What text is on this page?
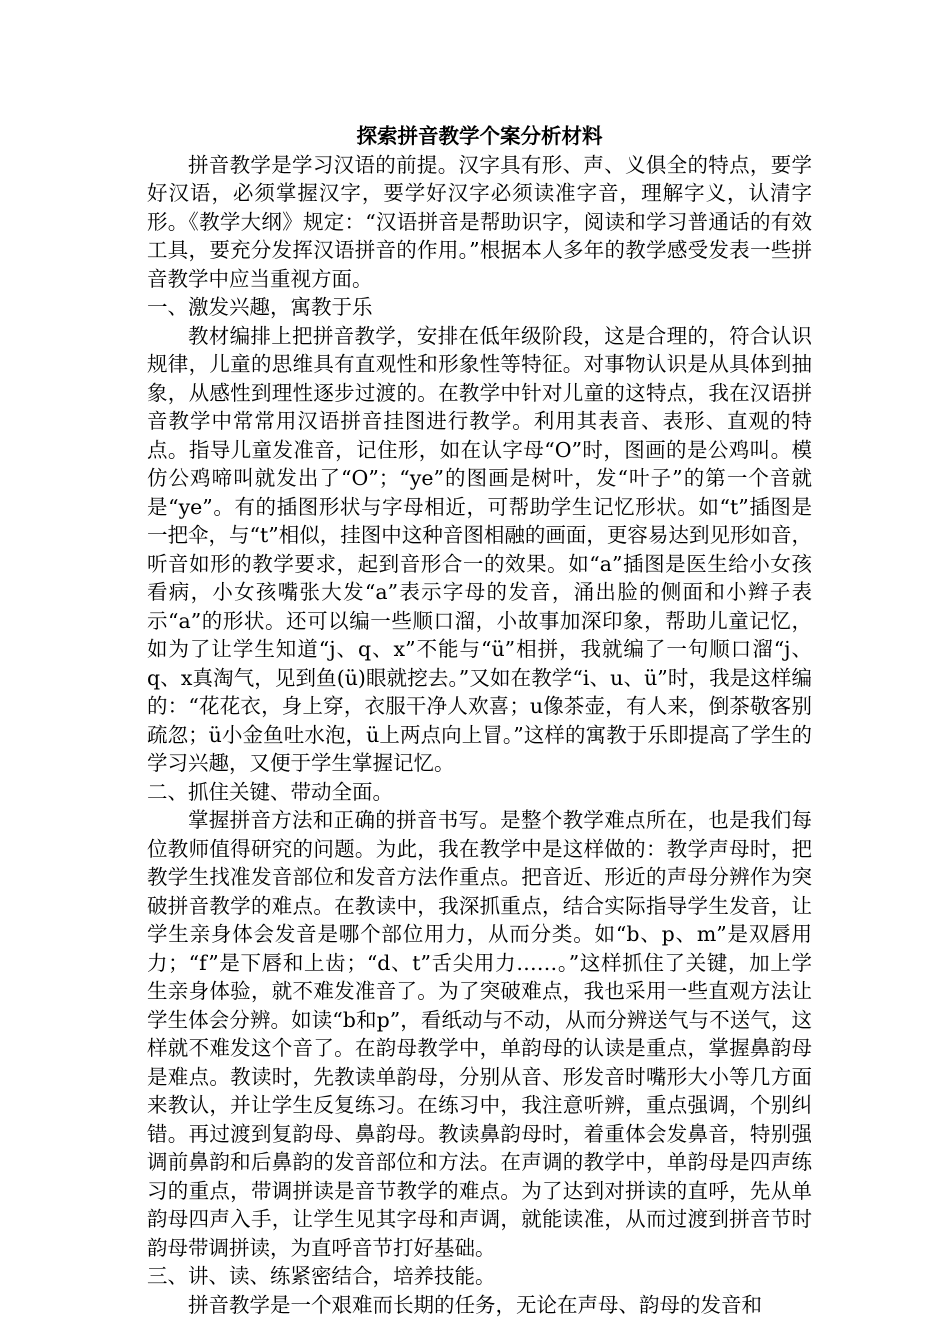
探索拼音教学个案分析材料

拼音教学是学习汉语的前提。汉字具有形、声、义俱全的特点，要学好汉语，必须掌握汉字，要学好汉字必须读准字音，理解字义，认清字形。《教学大纲》规定：“汉语拼音是帮助识字，阅读和学习普通话的有效工具，要充分发挥汉语拼音的作用。”根据本人多年的教学感受发表一些拼音教学中应当重视方面。

一、激发兴趣，寓教于乐

教材编排上把拼音教学，安排在低年级阶段，这是合理的，符合认识规律，儿童的思维具有直观性和形象性等特征。对事物认识是从具体到抽象，从感性到理性逐步过渡的。在教学中针对儿童的这特点，我在汉语拼音教学中常常用汉语拼音挂图进行教学。利用其表音、表形、直观的特点。指导儿童发准音，记住形，如在认字母“O”时，图画的是公鸡叫。模仿公鸡啼叫就发出了“O”；“ye”的图画是树叶，发“叶子”的第一个音就是“ye”。有的插图形状与字母相近，可帮助学生记忆形状。如“t”插图是一把伞，与“t”相似，挂图中这种音图相融的画面，更容易达到见形如音，听音如形的教学要求，起到音形合一的效果。如“a”插图是医生给小女孩看病，小女孩嘴张大发“a”表示字母的发音，涌出脸的侧面和小辫子表示“a”的形状。还可以编一些顺口溜，小故事加深印象，帮助儿童记忆，如为了让学生知道“j、q、x”不能与“ü”相拼，我就编了一句顺口溜“j、q、x真淘气，见到鱼(ü)眼就挖去。”又如在教学“i、u、ü”时，我是这样编的：“花花衣，身上穿，衣服干净人欢喜；u像茶壶，有人来，倒茶敬客别疏忽；ü小金鱼吐水泡，ü上两点向上冒。”这样的寓教于乐即提高了学生的学习兴趣，又便于学生掌握记忆。

二、抓住关键、带动全面。

掌握拼音方法和正确的拼音书写。是整个教学难点所在，也是我们每位教师值得研究的问题。为此，我在教学中是这样做的：教学声母时，把教学生找准发音部位和发音方法作重点。把音近、形近的声母分辨作为突破拼音教学的难点。在教读中，我深抓重点，结合实际指导学生发音，让学生亲身体会发音是哪个部位用力，从而分类。如“b、p、m”是双唇用力；“f”是下唇和上齿；“d、t”舌尖用力……。”这样抓住了关键，加上学生亲身体验，就不难发准音了。为了突破难点，我也采用一些直观方法让学生体会分辨。如读“b和p”，看纸动与不动，从而分辨送气与不送气，这样就不难发这个音了。在韵母教学中，单韵母的认读是重点，掌握鼻韵母是难点。教读时，先教读单韵母，分别从音、形发音时嘴形大小等几方面来教认，并让学生反复练习。在练习中，我注意听辨，重点强调，个别纠错。再过渡到复韵母、鼻韵母。教读鼻韵母时，着重体会发鼻音，特别强调前鼻韵和后鼻韵的发音部位和方法。在声调的教学中，单韵母是四声练习的重点，带调拼读是音节教学的难点。为了达到对拼读的直呼，先从单韵母四声入手，让学生见其字母和声调，就能读准，从而过渡到拼音节时韵母带调拼读，为直呼音节打好基础。

三、讲、读、练紧密结合，培养技能。

拼音教学是一个艰难而长期的任务，无论在声母、韵母的发音和
